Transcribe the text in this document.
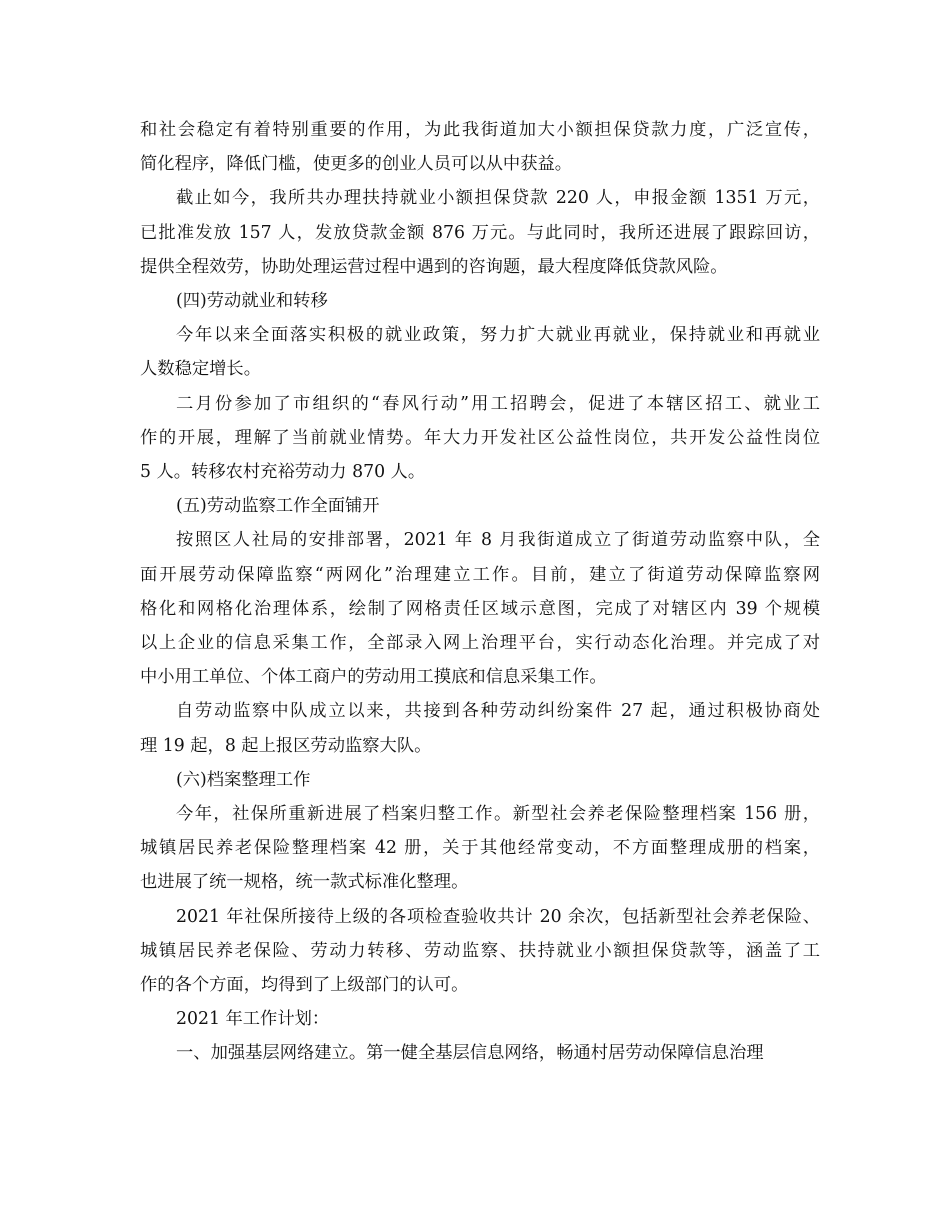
和社会稳定有着特别重要的作用，为此我街道加大小额担保贷款力度，广泛宣传，
简化程序，降低门槛，使更多的创业人员可以从中获益。

截止如今，我所共办理扶持就业小额担保贷款 220 人，申报金额 1351 万元，
已批准发放 157 人，发放贷款金额 876 万元。与此同时，我所还进展了跟踪回访，
提供全程效劳，协助处理运营过程中遇到的咨询题，最大程度降低贷款风险。

(四)劳动就业和转移

今年以来全面落实积极的就业政策，努力扩大就业再就业，保持就业和再就业
人数稳定增长。

二月份参加了市组织的“春风行动”用工招聘会，促进了本辖区招工、就业工
作的开展，理解了当前就业情势。年大力开发社区公益性岗位，共开发公益性岗位
5 人。转移农村充裕劳动力 870 人。

(五)劳动监察工作全面铺开

按照区人社局的安排部署，2021 年 8 月我街道成立了街道劳动监察中队，全
面开展劳动保障监察“两网化”治理建立工作。目前，建立了街道劳动保障监察网
格化和网格化治理体系，绘制了网格责任区域示意图，完成了对辖区内 39 个规模
以上企业的信息采集工作，全部录入网上治理平台，实行动态化治理。并完成了对
中小用工单位、个体工商户的劳动用工摸底和信息采集工作。

自劳动监察中队成立以来，共接到各种劳动纠纷案件 27 起，通过积极协商处
理 19 起，8 起上报区劳动监察大队。

(六)档案整理工作

今年，社保所重新进展了档案归整工作。新型社会养老保险整理档案 156 册，
城镇居民养老保险整理档案 42 册，关于其他经常变动，不方面整理成册的档案，
也进展了统一规格，统一款式标准化整理。

2021 年社保所接待上级的各项检查验收共计 20 余次，包括新型社会养老保险、
城镇居民养老保险、劳动力转移、劳动监察、扶持就业小额担保贷款等，涵盖了工
作的各个方面，均得到了上级部门的认可。

2021 年工作计划：

一、加强基层网络建立。第一健全基层信息网络，畅通村居劳动保障信息治理
